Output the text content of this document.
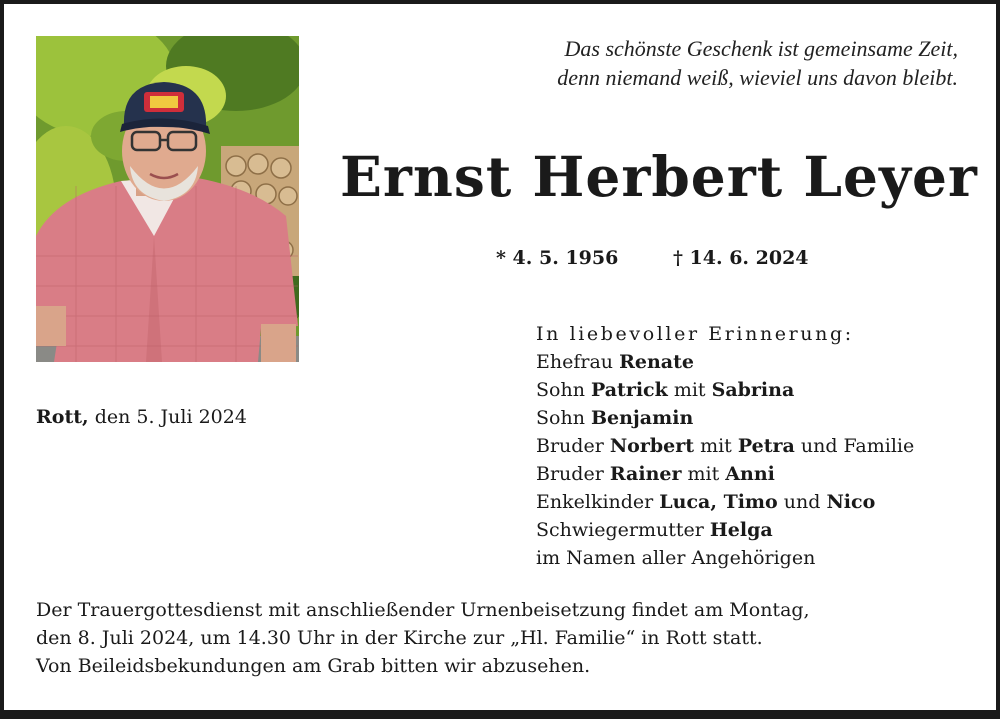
Das schönste Geschenk ist gemeinsame Zeit,
denn niemand weiß, wieviel uns davon bleibt.
Ernst Herbert Leyer
* 4. 5. 1956	† 14. 6. 2024
Rott, den 5. Juli 2024
In liebevoller Erinnerung:
Ehefrau Renate
Sohn Patrick mit Sabrina
Sohn Benjamin
Bruder Norbert mit Petra und Familie
Bruder Rainer mit Anni
Enkelkinder Luca, Timo und Nico
Schwiegermutter Helga
im Namen aller Angehörigen
Der Trauergottesdienst mit anschließender Urnenbeisetzung findet am Montag,
den 8. Juli 2024, um 14.30 Uhr in der Kirche zur „Hl. Familie“ in Rott statt.
Von Beileidsbekundungen am Grab bitten wir abzusehen.
